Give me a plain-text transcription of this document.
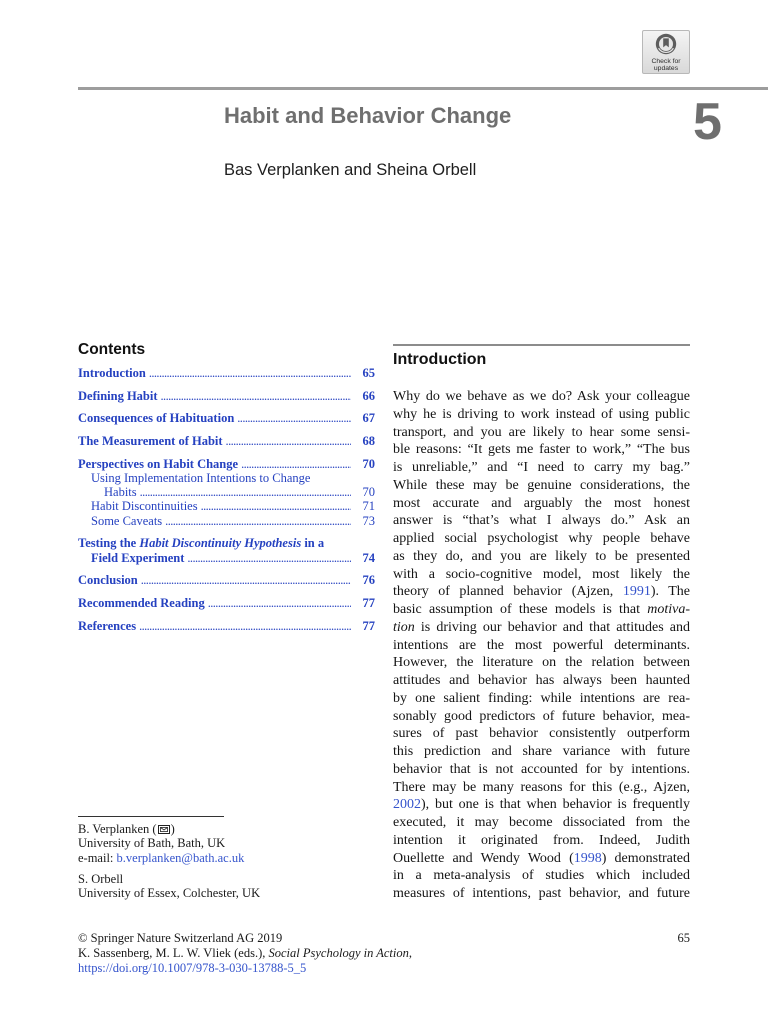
Check for
updates
Habit and Behavior Change	5
Bas Verplanken and Sheina Orbell
Contents
Introduction .....	65
Defining Habit .....	66
Consequences of Habituation .....	67
The Measurement of Habit .....	68
Perspectives on Habit Change .....	70
Using Implementation Intentions to Change
Habits .....	70
Habit Discontinuities .....	71
Some Caveats .....	73
Testing the Habit Discontinuity Hypothesis in a
Field Experiment .....	74
Conclusion .....	76
Recommended Reading .....	77
References .....	77
Introduction
Why do we behave as we do? Ask your colleague
why he is driving to work instead of using public
transport, and you are likely to hear some sensi-
ble reasons: “It gets me faster to work,” “The bus
is unreliable,” and “I need to carry my bag.”
While these may be genuine considerations, the
most accurate and arguably the most honest
answer is “that’s what I always do.” Ask an
applied social psychologist why people behave
as they do, and you are likely to be presented
with a socio-cognitive model, most likely the
theory of planned behavior (Ajzen, 1991). The
basic assumption of these models is that motiva-
tion is driving our behavior and that attitudes and
intentions are the most powerful determinants.
However, the literature on the relation between
attitudes and behavior has always been haunted
by one salient finding: while intentions are rea-
sonably good predictors of future behavior, mea-
sures of past behavior consistently outperform
this prediction and share variance with future
behavior that is not accounted for by intentions.
There may be many reasons for this (e.g., Ajzen,
2002), but one is that when behavior is frequently
executed, it may become dissociated from the
intention it originated from. Indeed, Judith
Ouellette and Wendy Wood (1998) demonstrated
in a meta-analysis of studies which included
measures of intentions, past behavior, and future
B. Verplanken ( )
University of Bath, Bath, UK
e-mail: b.verplanken@bath.ac.uk
S. Orbell
University of Essex, Colchester, UK
© Springer Nature Switzerland AG 2019	65
K. Sassenberg, M. L. W. Vliek (eds.), Social Psychology in Action,
https://doi.org/10.1007/978-3-030-13788-5_5
